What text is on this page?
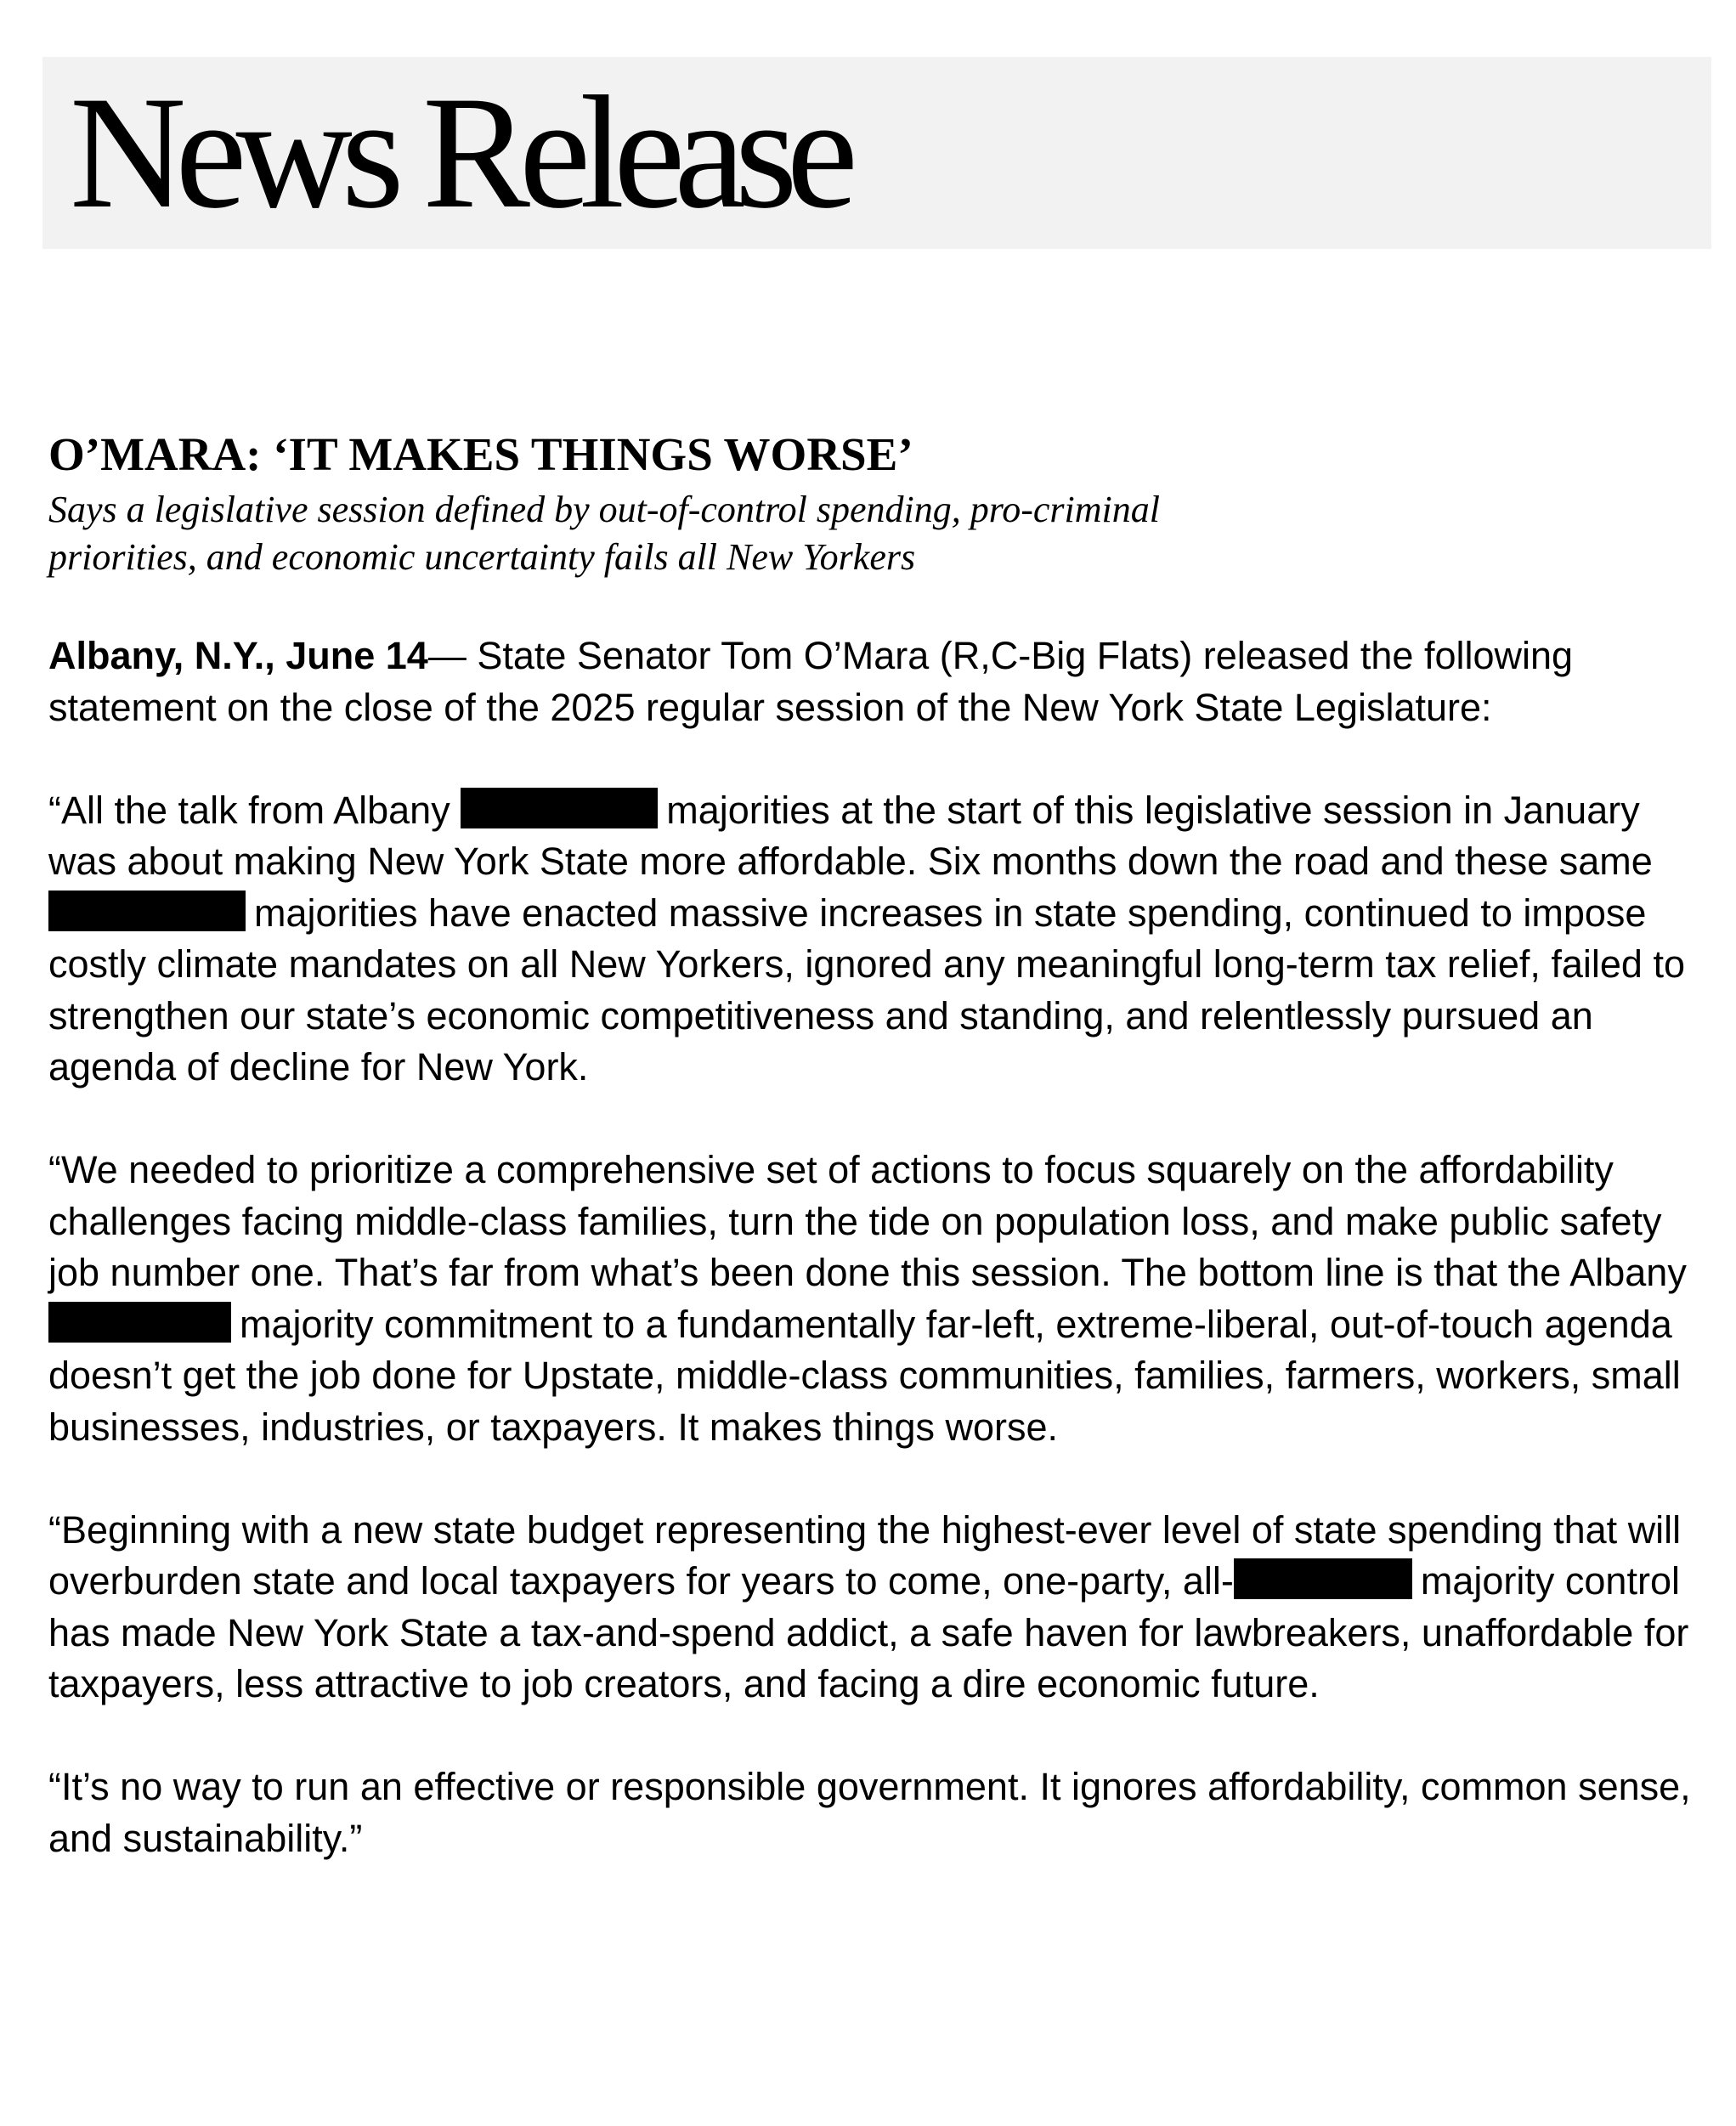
News Release
O’MARA: ‘IT MAKES THINGS WORSE’

Says a legislative session defined by out-of-control spending, pro-criminal
priorities, and economic uncertainty fails all New Yorkers

Albany, N.Y., June 14— State Senator Tom O’Mara (R,C-Big Flats) released the following statement on the close of the 2025 regular session of the New York State Legislature:

“All the talk from Albany	majorities at the start of this legislative session in January was about making New York State more affordable. Six months down the road and these same majorities have enacted massive increases in state spending, continued to impose costly climate mandates on all New Yorkers, ignored any meaningful long-term tax relief, failed to strengthen our state’s economic competitiveness and standing, and relentlessly pursued an agenda of decline for New York.

“We needed to prioritize a comprehensive set of actions to focus squarely on the affordability challenges facing middle-class families, turn the tide on population loss, and make public safety job number one. That’s far from what’s been done this session. The bottom line is that the Albany majority commitment to a fundamentally far-left, extreme-liberal, out-of-touch agenda doesn’t get the job done for Upstate, middle-class communities, families, farmers, workers, small businesses, industries, or taxpayers. It makes things worse.

“Beginning with a new state budget representing the highest-ever level of state spending that will overburden state and local taxpayers for years to come, one-party, all-	majority control has made New York State a tax-and-spend addict, a safe haven for lawbreakers, unaffordable for taxpayers, less attractive to job creators, and facing a dire economic future.

“It’s no way to run an effective or responsible government. It ignores affordability, common sense, and sustainability.”
